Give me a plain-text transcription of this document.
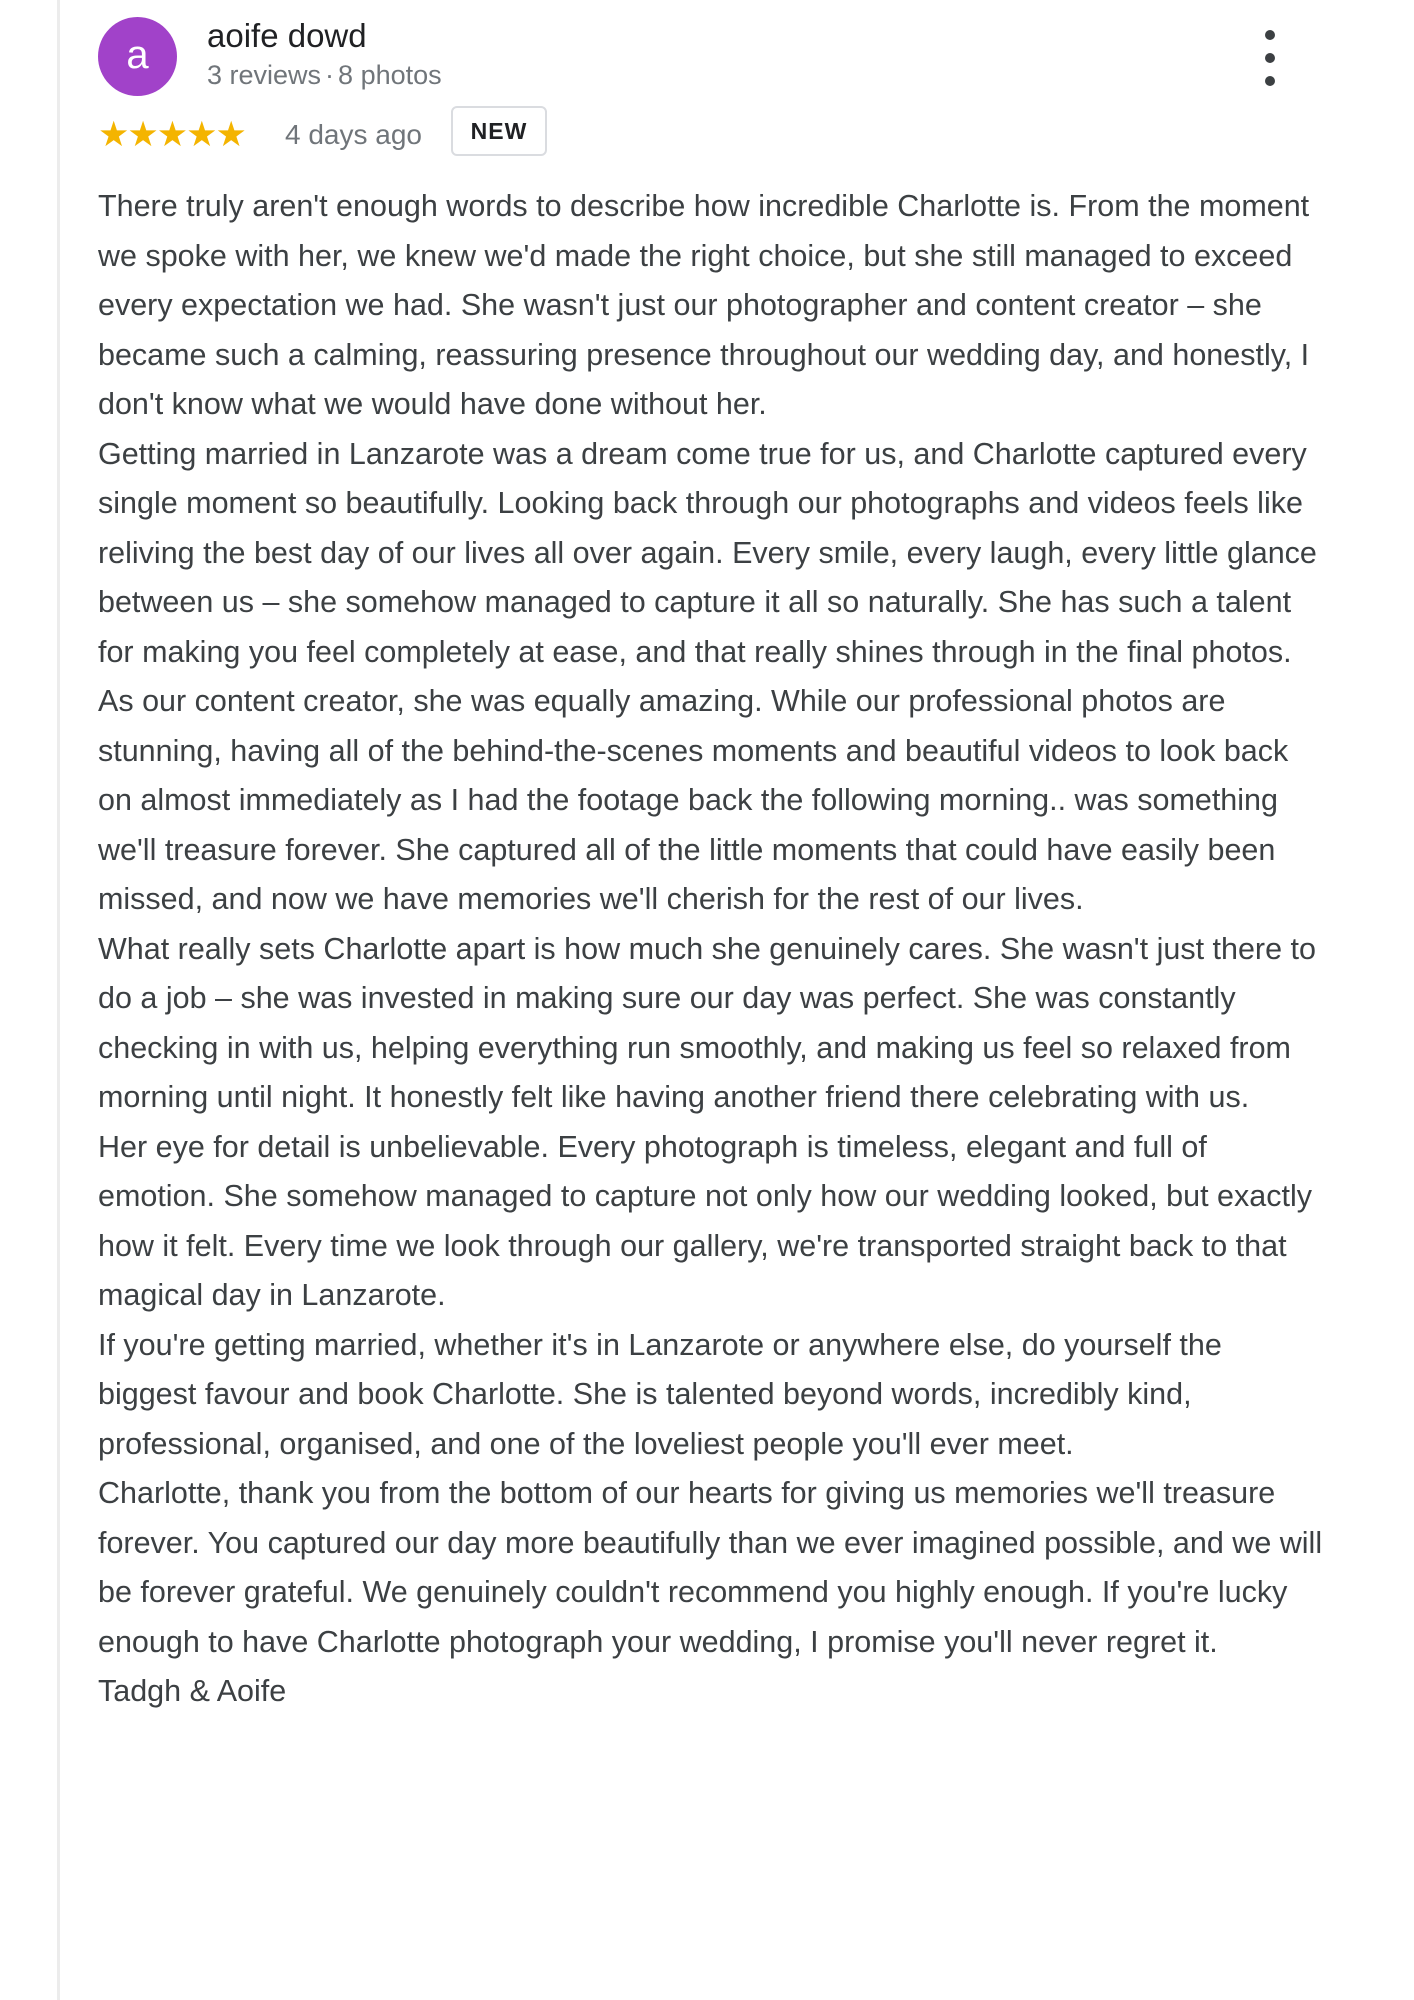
a	aoife dowd
3 reviews · 8 photos
★★★★★ 4 days ago	NEW

There truly aren't enough words to describe how incredible Charlotte is. From the moment we spoke with her, we knew we'd made the right choice, but she still managed to exceed every expectation we had. She wasn't just our photographer and content creator – she became such a calming, reassuring presence throughout our wedding day, and honestly, I don't know what we would have done without her.

Getting married in Lanzarote was a dream come true for us, and Charlotte captured every single moment so beautifully. Looking back through our photographs and videos feels like reliving the best day of our lives all over again. Every smile, every laugh, every little glance between us – she somehow managed to capture it all so naturally. She has such a talent for making you feel completely at ease, and that really shines through in the final photos.

As our content creator, she was equally amazing. While our professional photos are stunning, having all of the behind-the-scenes moments and beautiful videos to look back on almost immediately as I had the footage back the following morning.. was something we'll treasure forever. She captured all of the little moments that could have easily been missed, and now we have memories we'll cherish for the rest of our lives.

What really sets Charlotte apart is how much she genuinely cares. She wasn't just there to do a job – she was invested in making sure our day was perfect. She was constantly checking in with us, helping everything run smoothly, and making us feel so relaxed from morning until night. It honestly felt like having another friend there celebrating with us.

Her eye for detail is unbelievable. Every photograph is timeless, elegant and full of emotion. She somehow managed to capture not only how our wedding looked, but exactly how it felt. Every time we look through our gallery, we're transported straight back to that magical day in Lanzarote.

If you're getting married, whether it's in Lanzarote or anywhere else, do yourself the biggest favour and book Charlotte. She is talented beyond words, incredibly kind, professional, organised, and one of the loveliest people you'll ever meet.

Charlotte, thank you from the bottom of our hearts for giving us memories we'll treasure forever. You captured our day more beautifully than we ever imagined possible, and we will be forever grateful. We genuinely couldn't recommend you highly enough. If you're lucky enough to have Charlotte photograph your wedding, I promise you'll never regret it.

Tadgh & Aoife
